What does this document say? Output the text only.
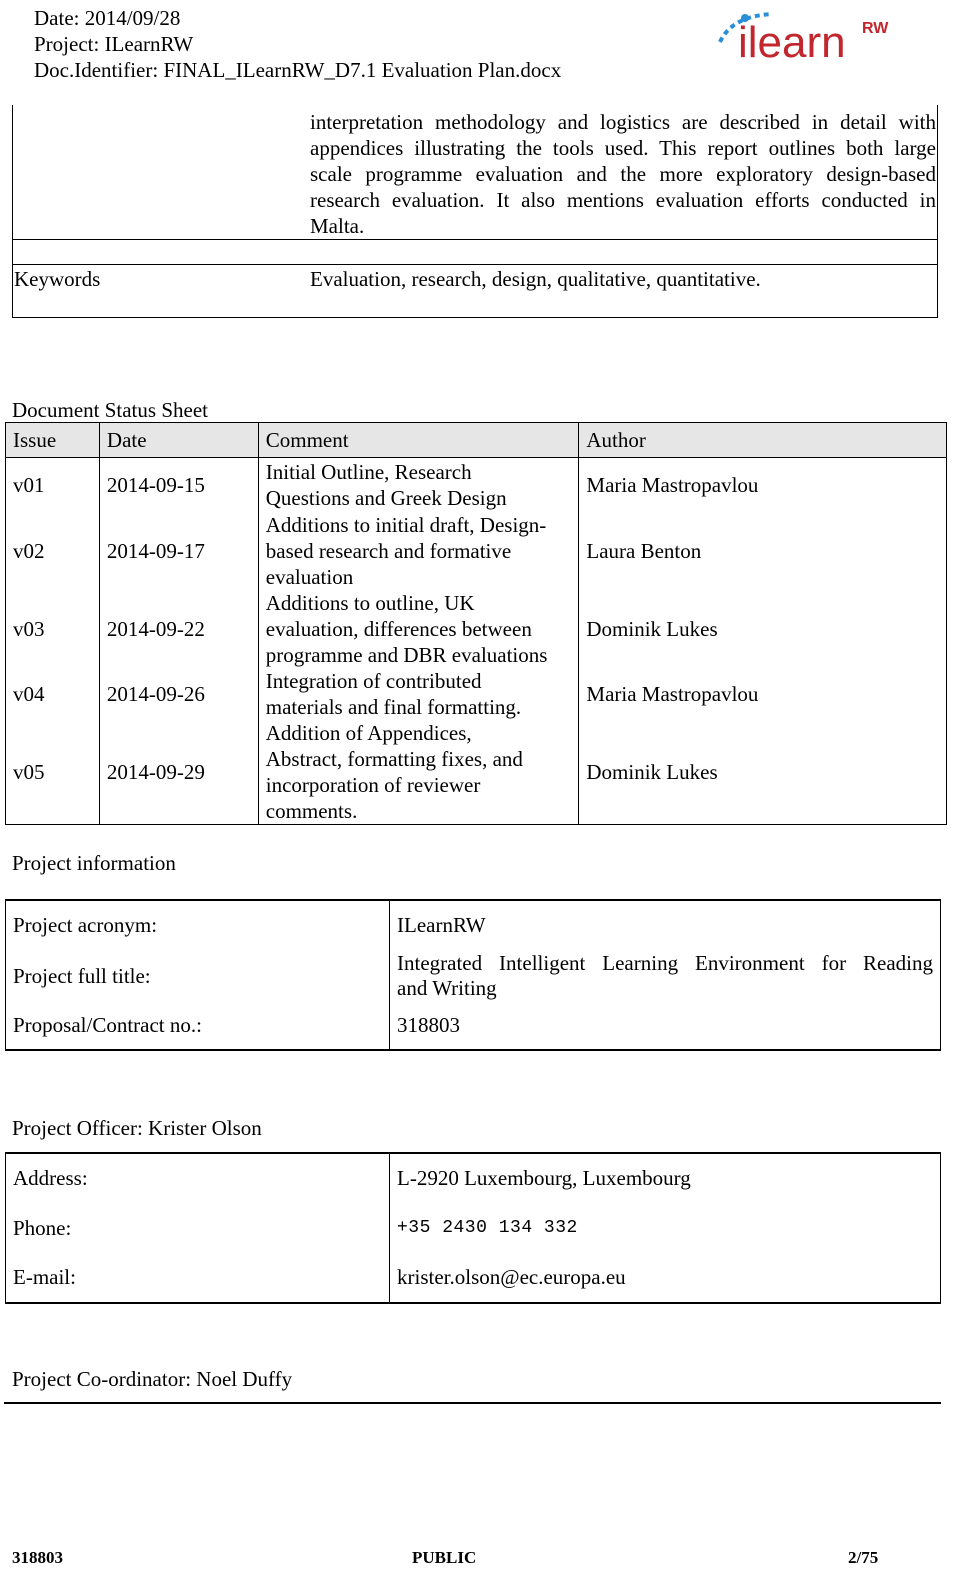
Date: 2014/09/28
Project: ILearnRW
Doc.Identifier: FINAL_ILearnRW_D7.1 Evaluation Plan.docx
ilearn RW
interpretation methodology and logistics are described in detail with
appendices illustrating the tools used. This report outlines both large
scale programme evaluation and the more exploratory design-based
research evaluation. It also mentions evaluation efforts conducted in
Malta.
Keywords	Evaluation, research, design, qualitative, quantitative.
Document Status Sheet
Issue	Date	Comment	Author
v01	2014-09-15	Initial Outline, Research
Questions and Greek Design	Maria Mastropavlou
v02	2014-09-17	Additions to initial draft, Design-
based research and formative
evaluation	Laura Benton
v03	2014-09-22	Additions to outline, UK
evaluation, differences between
programme and DBR evaluations	Dominik Lukes
v04	2014-09-26	Integration of contributed
materials and final formatting.	Maria Mastropavlou
v05	2014-09-29	Addition of Appendices,
Abstract, formatting fixes, and
incorporation of reviewer
comments.	Dominik Lukes
Project information
Project acronym:	ILearnRW
Project full title:	Integrated Intelligent Learning Environment for Reading
and Writing

Proposal/Contract no.:	318803
Project Officer: Krister Olson
Address:	L-2920 Luxembourg, Luxembourg
Phone:	+35 2430 134 332
E-mail:	krister.olson@ec.europa.eu
Project Co-ordinator: Noel Duffy
318803	PUBLIC	2/75
